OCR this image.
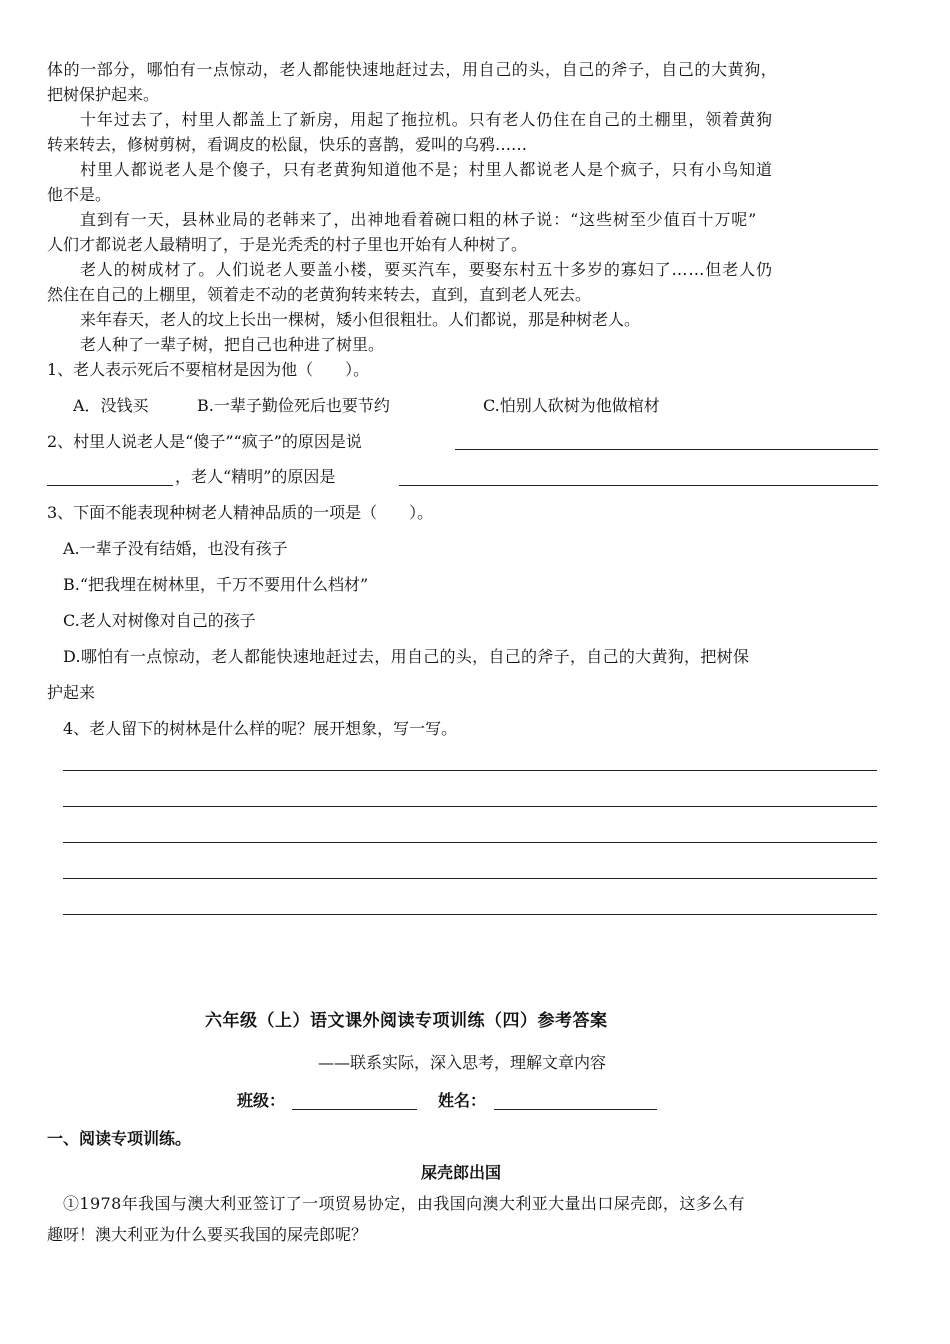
体的一部分，哪怕有一点惊动，老人都能快速地赶过去，用自己的头，自己的斧子，自己的大黄狗，
把树保护起来。
十年过去了，村里人都盖上了新房，用起了拖拉机。只有老人仍住在自己的土棚里，领着黄狗
转来转去，修树剪树，看调皮的松鼠，快乐的喜鹊，爱叫的乌鸦……
村里人都说老人是个傻子，只有老黄狗知道他不是；村里人都说老人是个疯子，只有小鸟知道
他不是。
直到有一天，县林业局的老韩来了，出神地看着碗口粗的林子说：“这些树至少值百十万呢”
人们才都说老人最精明了，于是光秃秃的村子里也开始有人种树了。
老人的树成材了。人们说老人要盖小楼，要买汽车，要娶东村五十多岁的寡妇了……但老人仍
然住在自己的上棚里，领着走不动的老黄狗转来转去，直到，直到老人死去。
来年春天，老人的坟上长出一棵树，矮小但很粗壮。人们都说，那是种树老人。
老人种了一辈子树，把自己也种进了树里。
1、老人表示死后不要棺材是因为他（　　）。
A．没钱买	B.一辈子勤俭死后也要节约	C.怕别人砍树为他做棺材
2、村里人说老人是“傻子”“疯子”的原因是说
，老人“精明”的原因是
3、下面不能表现种树老人精神品质的一项是（　　）。
A.一辈子没有结婚，也没有孩子
B.“把我埋在树林里，千万不要用什么档材”
C.老人对树像对自己的孩子
D.哪怕有一点惊动，老人都能快速地赶过去，用自己的头，自己的斧子，自己的大黄狗，把树保
护起来
4、老人留下的树林是什么样的呢？展开想象，写一写。
六年级（上）语文课外阅读专项训练（四）参考答案
——联系实际，深入思考，理解文章内容
班级：	姓名：
一、阅读专项训练。
屎壳郎出国
①1978年我国与澳大利亚签订了一项贸易协定，由我国向澳大利亚大量出口屎壳郎，这多么有
趣呀！澳大利亚为什么要买我国的屎壳郎呢？
